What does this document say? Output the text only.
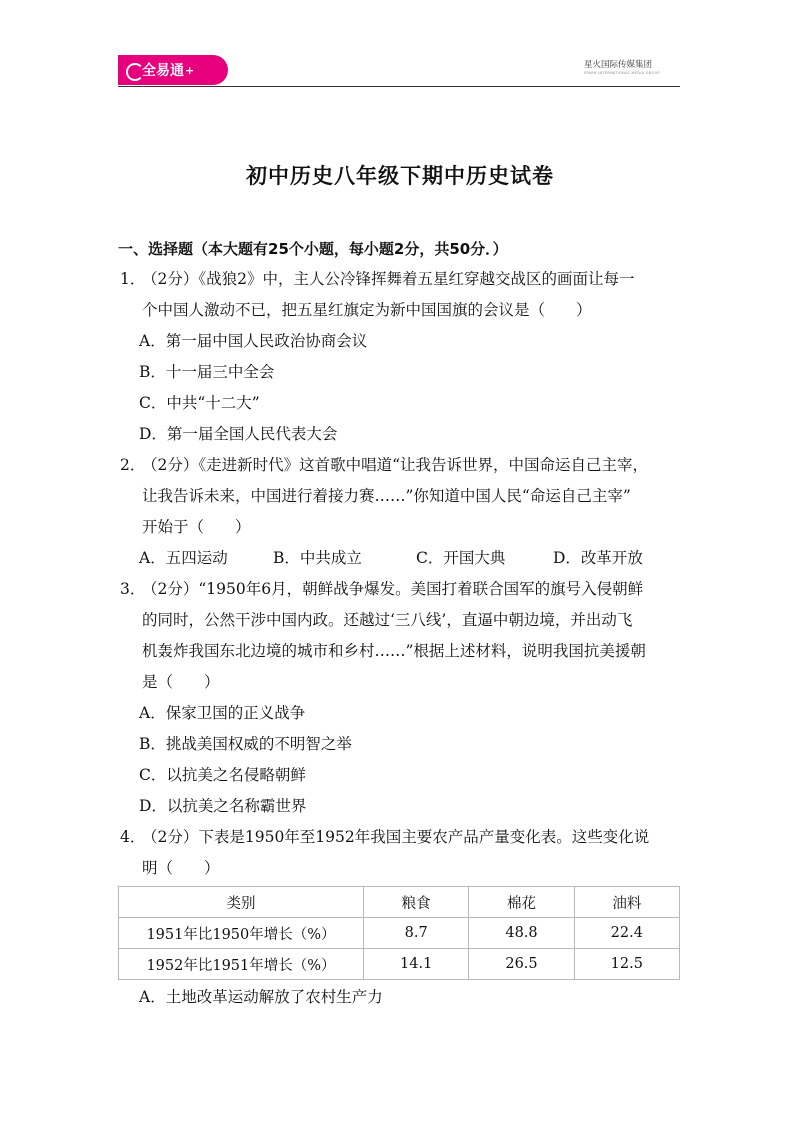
全易通 +	星火国际传媒集团
SPARK INTERNATIONAL MEDIA GROUP
初中历史八年级下期中历史试卷
一、选择题（本大题有25个小题，每小题2分，共50分．）
1．
（2分）《战狼2》中，主人公冷锋挥舞着五星红穿越交战区的画面让每一
个中国人激动不已，把五星红旗定为新中国国旗的会议是（　　）
A．第一届中国人民政治协商会议
B．十一届三中全会
C．中共“十二大”
D．第一届全国人民代表大会
2．
（2分）《走进新时代》这首歌中唱道“让我告诉世界，中国命运自己主宰，
让我告诉未来，中国进行着接力赛……”你知道中国人民“命运自己主宰”
开始于（　　）
A．五四运动	B．中共成立	C．开国大典	D．改革开放
3．
（2分）“1950年6月，朝鲜战争爆发。美国打着联合国军的旗号入侵朝鲜
的同时，公然干涉中国内政。还越过‘三八线’，直逼中朝边境，并出动飞
机轰炸我国东北边境的城市和乡村……”根据上述材料，说明我国抗美援朝
是（　　）
A．保家卫国的正义战争
B．挑战美国权威的不明智之举
C．以抗美之名侵略朝鲜
D．以抗美之名称霸世界
4．
（2分）下表是1950年至1952年我国主要农产品产量变化表。这些变化说
明（　　）
类别	粮食	棉花	油料
1951年比1950年增长（%）	8.7	48.8	22.4
1952年比1951年增长（%）	14.1	26.5	12.5
A．土地改革运动解放了农村生产力
